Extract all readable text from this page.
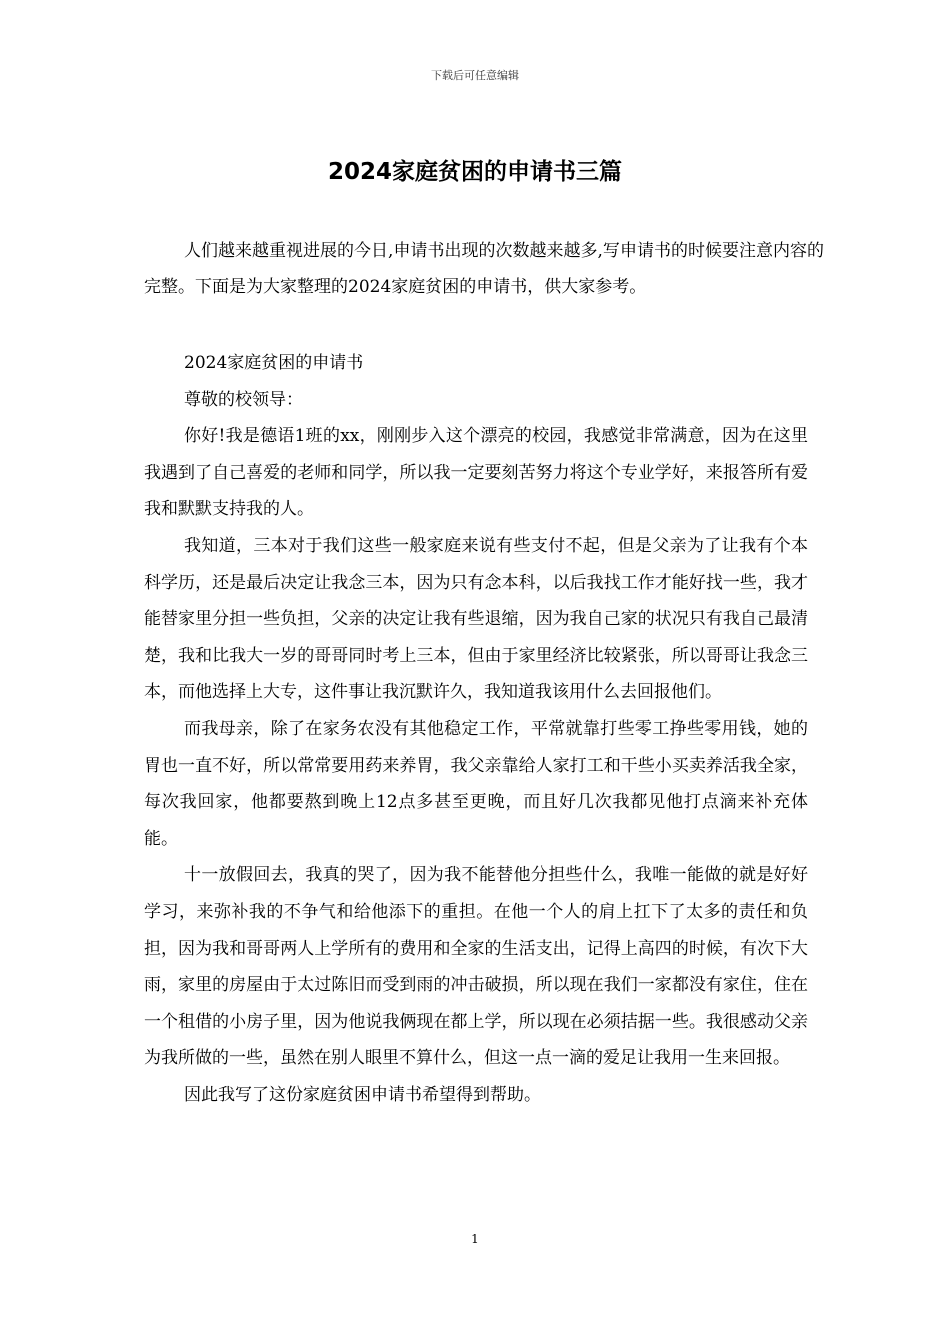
下载后可任意编辑
2024家庭贫困的申请书三篇

人们越来越重视进展的今日,申请书出现的次数越来越多,写申请书的时候要注意内容的完整。下面是为大家整理的2024家庭贫困的申请书，供大家参考。

2024家庭贫困的申请书

尊敬的校领导：

你好!我是德语1班的xx，刚刚步入这个漂亮的校园，我感觉非常满意，因为在这里我遇到了自己喜爱的老师和同学，所以我一定要刻苦努力将这个专业学好，来报答所有爱我和默默支持我的人。

我知道，三本对于我们这些一般家庭来说有些支付不起，但是父亲为了让我有个本科学历，还是最后决定让我念三本，因为只有念本科，以后我找工作才能好找一些，我才能替家里分担一些负担，父亲的决定让我有些退缩，因为我自己家的状况只有我自己最清楚，我和比我大一岁的哥哥同时考上三本，但由于家里经济比较紧张，所以哥哥让我念三本，而他选择上大专，这件事让我沉默许久，我知道我该用什么去回报他们。

而我母亲，除了在家务农没有其他稳定工作，平常就靠打些零工挣些零用钱，她的胃也一直不好，所以常常要用药来养胃，我父亲靠给人家打工和干些小买卖养活我全家，每次我回家，他都要熬到晚上12点多甚至更晚，而且好几次我都见他打点滴来补充体能。

十一放假回去，我真的哭了，因为我不能替他分担些什么，我唯一能做的就是好好学习，来弥补我的不争气和给他添下的重担。在他一个人的肩上扛下了太多的责任和负担，因为我和哥哥两人上学所有的费用和全家的生活支出，记得上高四的时候，有次下大雨，家里的房屋由于太过陈旧而受到雨的冲击破损，所以现在我们一家都没有家住，住在一个租借的小房子里，因为他说我俩现在都上学，所以现在必须拮据一些。我很感动父亲为我所做的一些，虽然在别人眼里不算什么，但这一点一滴的爱足让我用一生来回报。

因此我写了这份家庭贫困申请书希望得到帮助。

1
